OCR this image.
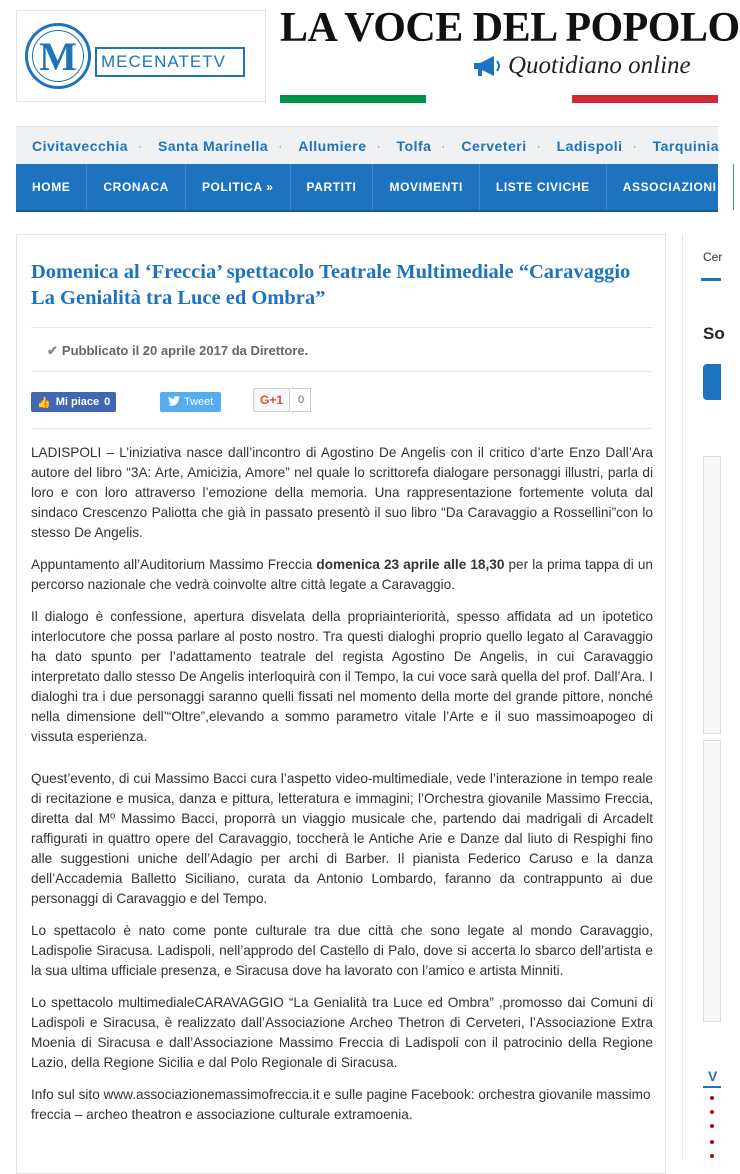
M	MECENATETV
LA VOCE DEL POPOLO
Quotidiano online
Civitavecchia ·	Santa Marinella ·	Allumiere ·	Tolfa ·	Cerveteri ·	Ladispoli ·	Tarquinia
HOME	CRONACA	POLITICA »	PARTITI	MOVIMENTI	LISTE CIVICHE	ASSOCIAZIONI
Domenica al ‘Freccia’ spettacolo Teatrale Multimediale “Caravaggio La Genialità tra Luce ed Ombra”
✔ Pubblicato il 20 aprile 2017 da Direttore.
👍 Mi piace 0	Tweet	G+1	0

LADISPOLI – L’iniziativa nasce dall’incontro di Agostino De Angelis con il critico d’arte Enzo Dall’Ara autore del libro “3A: Arte, Amicizia, Amore” nel quale lo scrittorefa dialogare personaggi illustri, parla di loro e con loro attraverso l’emozione della memoria. Una rappresentazione fortemente voluta dal sindaco Crescenzo Paliotta che già in passato presentò il suo libro “Da Caravaggio a Rossellini”con lo stesso De Angelis.

Appuntamento all’Auditorium Massimo Freccia domenica 23 aprile alle 18,30 per la prima tappa di un percorso nazionale che vedrà coinvolte altre città legate a Caravaggio.

Il dialogo è confessione, apertura disvelata della propriainteriorità, spesso affidata ad un ipotetico interlocutore che possa parlare al posto nostro. Tra questi dialoghi proprio quello legato al Caravaggio ha dato spunto per l’adattamento teatrale del regista Agostino De Angelis, in cui Caravaggio interpretato dallo stesso De Angelis interloquirà con il Tempo, la cui voce sarà quella del prof. Dall’Ara. I dialoghi tra i due personaggi saranno quelli fissati nel momento della morte del grande pittore, nonché nella dimensione dell’“Oltre”,elevando a sommo parametro vitale l’Arte e il suo massimoapogeo di vissuta esperienza.

Quest’evento, di cui Massimo Bacci cura l’aspetto video-multimediale, vede l’interazione in tempo reale di recitazione e musica, danza e pittura, letteratura e immagini; l’Orchestra giovanile Massimo Freccia, diretta dal Mº Massimo Bacci, proporrà un viaggio musicale che, partendo dai madrigali di Arcadelt raffigurati in quattro opere del Caravaggio, toccherà le Antiche Arie e Danze dal liuto di Respighi fino alle suggestioni uniche dell’Adagio per archi di Barber. Il pianista Federico Caruso e la danza dell’Accademia Balletto Siciliano, curata da Antonio Lombardo, faranno da contrappunto ai due personaggi di Caravaggio e del Tempo.

Lo spettacolo è nato come ponte culturale tra due città che sono legate al mondo Caravaggio, Ladispolie Siracusa. Ladispoli, nell’approdo del Castello di Palo, dove si accerta lo sbarco dell’artista e la sua ultima ufficiale presenza, e Siracusa dove ha lavorato con l’amico e artista Minniti.

Lo spettacolo multimedialeCARAVAGGIO “La Genialità tra Luce ed Ombra” ,promosso dai Comuni di Ladispoli e Siracusa, è realizzato dall’Associazione Archeo Thetron di Cerveteri, l’Associazione Extra Moenia di Siracusa e dall’Associazione Massimo Freccia di Ladispoli con il patrocinio della Regione Lazio, della Regione Sicilia e dal Polo Regionale di Siracusa.

Info sul sito www.associazionemassimofreccia.it e sulle pagine Facebook: orchestra giovanile massimo freccia – archeo theatron e associazione culturale extramoenia.

Cer
So
V
